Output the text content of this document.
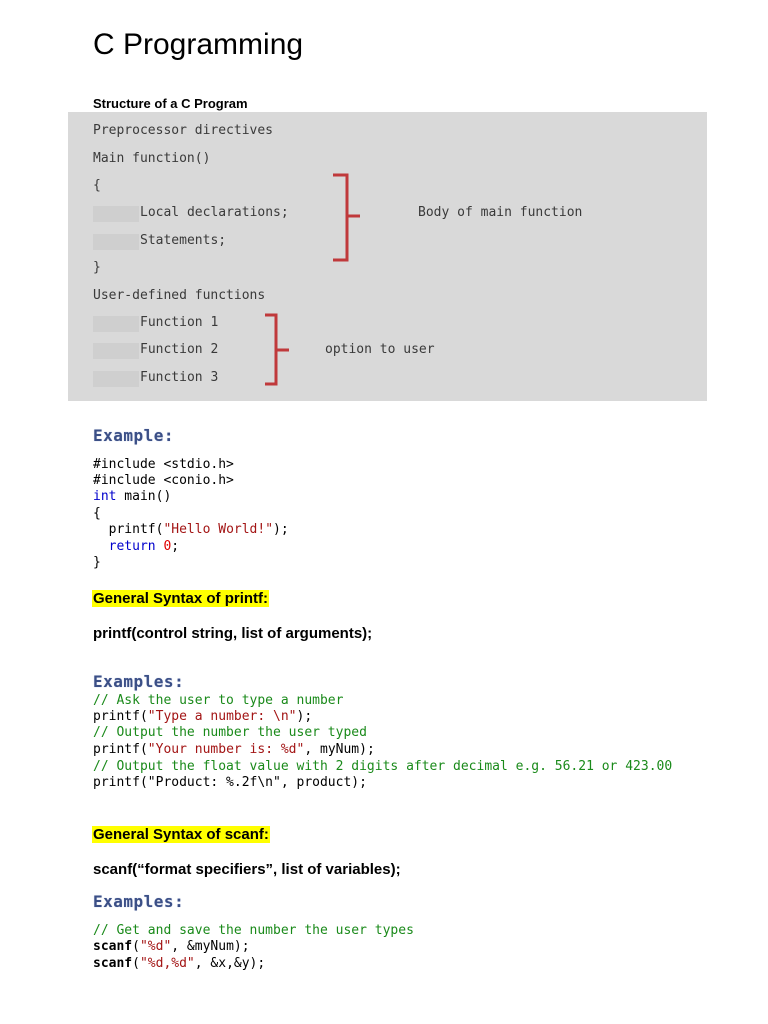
C Programming
Structure of a C Program
Preprocessor directives
Main function()
{
Local declarations;
Statements;
}
User-defined functions
Function 1
Function 2
Function 3
Body of main function
option to user
Example:
#include <stdio.h>
#include <conio.h>
int main()
{
printf("Hello World!");
return 0;
}
General Syntax of printf:
printf(control string, list of arguments);
Examples:
// Ask the user to type a number
printf("Type a number: \n");
// Output the number the user typed
printf("Your number is: %d", myNum);
// Output the float value with 2 digits after decimal e.g. 56.21 or 423.00
printf("Product: %.2f\n", product);
General Syntax of scanf:
scanf(“format specifiers”, list of variables);
Examples:
// Get and save the number the user types
scanf("%d", &myNum);
scanf("%d,%d", &x,&y);
